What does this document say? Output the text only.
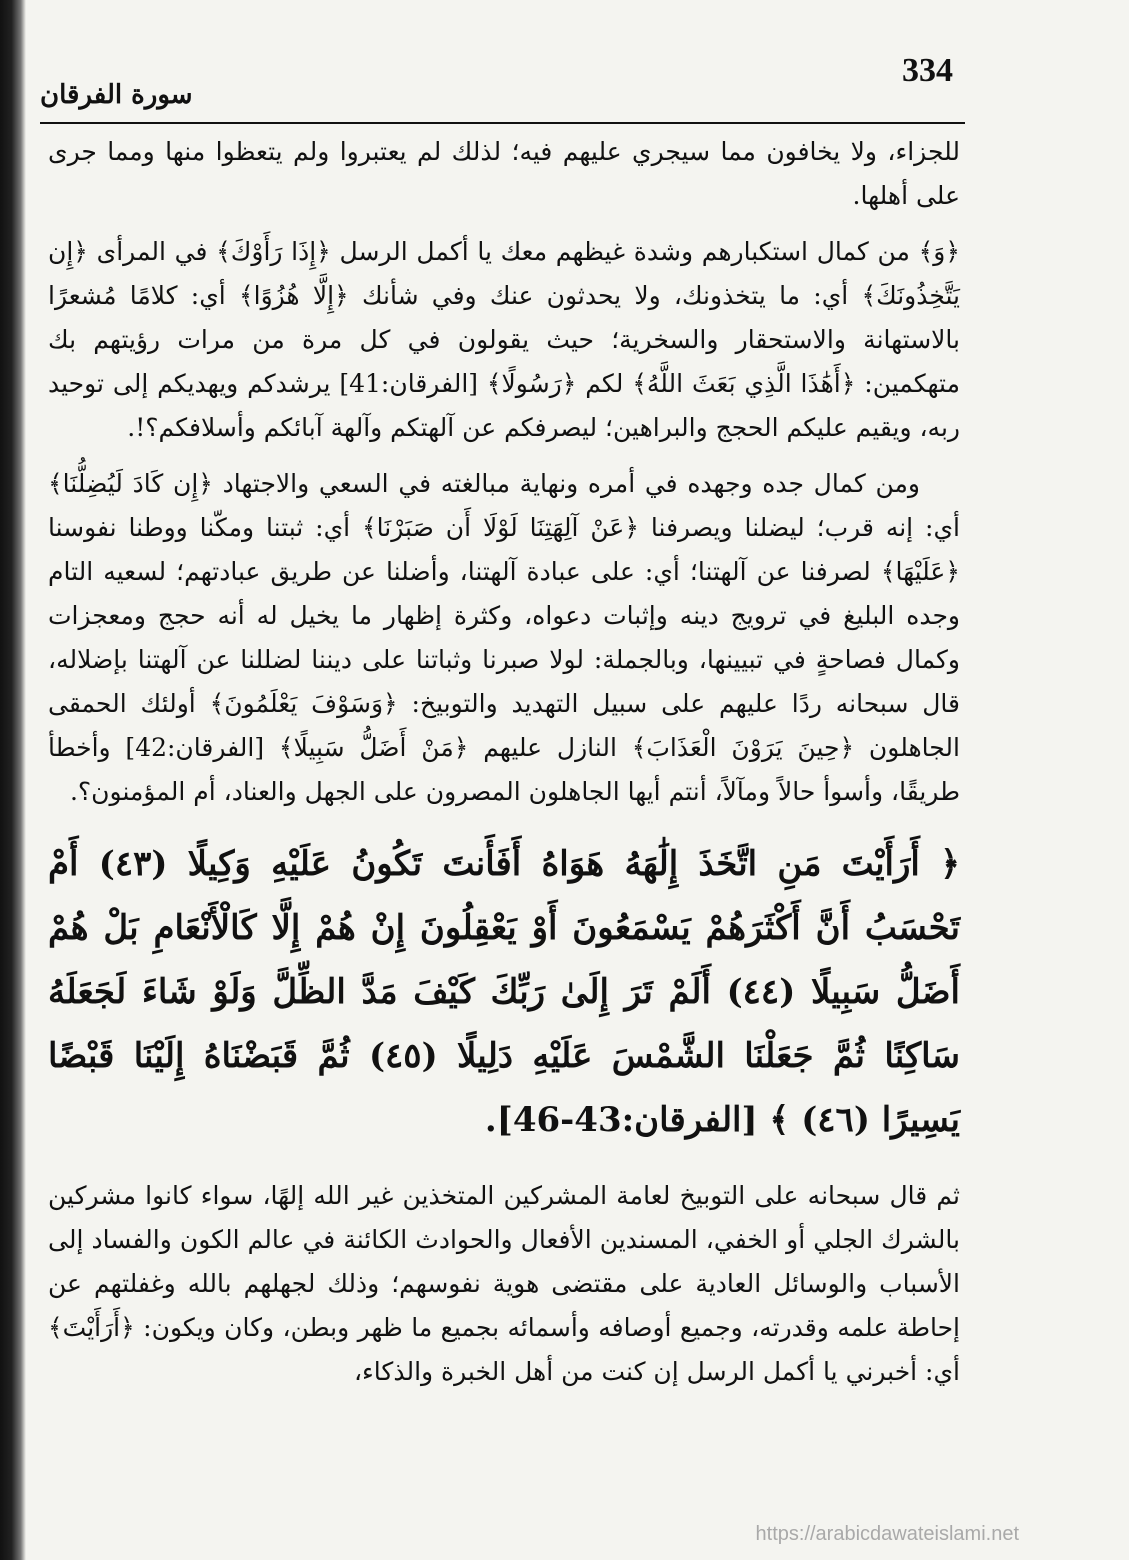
334
سورة الفرقان

للجزاء، ولا يخافون مما سيجري عليهم فيه؛ لذلك لم يعتبروا ولم يتعظوا منها ومما جرى على أهلها.

﴿وَ﴾ من كمال استكبارهم وشدة غيظهم معك يا أكمل الرسل ﴿إِذَا رَأَوْكَ﴾ في المرأى ﴿إِن يَتَّخِذُونَكَ﴾ أي: ما يتخذونك، ولا يحدثون عنك وفي شأنك ﴿إِلَّا هُزُوًا﴾ أي: كلامًا مُشعرًا بالاستهانة والاستحقار والسخرية؛ حيث يقولون في كل مرة من مرات رؤيتهم بك متهكمين: ﴿أَهَٰذَا الَّذِي بَعَثَ اللَّهُ﴾ لكم ﴿رَسُولًا﴾ [الفرقان:41] يرشدكم ويهديكم إلى توحيد ربه، ويقيم عليكم الحجج والبراهين؛ ليصرفكم عن آلهتكم وآلهة آبائكم وأسلافكم؟!.

ومن كمال جده وجهده في أمره ونهاية مبالغته في السعي والاجتهاد ﴿إِن كَادَ لَيُضِلُّنَا﴾ أي: إنه قرب؛ ليضلنا ويصرفنا ﴿عَنْ آلِهَتِنَا لَوْلَا أَن صَبَرْنَا﴾ أي: ثبتنا ومكّنا ووطنا نفوسنا ﴿عَلَيْهَا﴾ لصرفنا عن آلهتنا؛ أي: على عبادة آلهتنا، وأضلنا عن طريق عبادتهم؛ لسعيه التام وجده البليغ في ترويج دينه وإثبات دعواه، وكثرة إظهار ما يخيل له أنه حجج ومعجزات وكمال فصاحةٍ في تبيينها، وبالجملة: لولا صبرنا وثباتنا على ديننا لضللنا عن آلهتنا بإضلاله، قال سبحانه ردًا عليهم على سبيل التهديد والتوبيخ: ﴿وَسَوْفَ يَعْلَمُونَ﴾ أولئك الحمقى الجاهلون ﴿حِينَ يَرَوْنَ الْعَذَابَ﴾ النازل عليهم ﴿مَنْ أَضَلُّ سَبِيلًا﴾ [الفرقان:42] وأخطأ طريقًا، وأسوأ حالاً ومآلاً، أنتم أيها الجاهلون المصرون على الجهل والعناد، أم المؤمنون؟.

﴿ أَرَأَيْتَ مَنِ اتَّخَذَ إِلَٰهَهُ هَوَاهُ أَفَأَنتَ تَكُونُ عَلَيْهِ وَكِيلًا (٤٣) أَمْ تَحْسَبُ أَنَّ أَكْثَرَهُمْ يَسْمَعُونَ أَوْ يَعْقِلُونَ إِنْ هُمْ إِلَّا كَالْأَنْعَامِ بَلْ هُمْ أَضَلُّ سَبِيلًا (٤٤) أَلَمْ تَرَ إِلَىٰ رَبِّكَ كَيْفَ مَدَّ الظِّلَّ وَلَوْ شَاءَ لَجَعَلَهُ سَاكِنًا ثُمَّ جَعَلْنَا الشَّمْسَ عَلَيْهِ دَلِيلًا (٤٥) ثُمَّ قَبَضْنَاهُ إِلَيْنَا قَبْضًا يَسِيرًا (٤٦) ﴾ [الفرقان:43-46].

ثم قال سبحانه على التوبيخ لعامة المشركين المتخذين غير الله إلهًا، سواء كانوا مشركين بالشرك الجلي أو الخفي، المسندين الأفعال والحوادث الكائنة في عالم الكون والفساد إلى الأسباب والوسائل العادية على مقتضى هوية نفوسهم؛ وذلك لجهلهم بالله وغفلتهم عن إحاطة علمه وقدرته، وجميع أوصافه وأسمائه بجميع ما ظهر وبطن، وكان ويكون: ﴿أَرَأَيْتَ﴾ أي: أخبرني يا أكمل الرسل إن كنت من أهل الخبرة والذكاء،

https://arabicdawateislami.net
